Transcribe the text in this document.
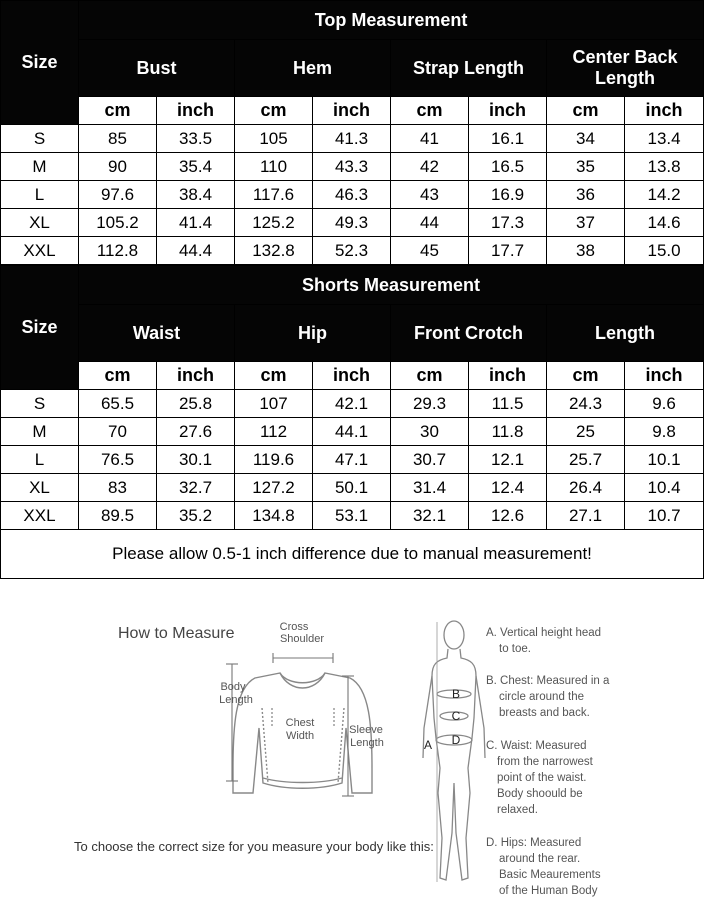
Size	Top Measurement							
	Bust		Hem		Strap Length		Center Back Length	
	cm	inch	cm	inch	cm	inch	cm	inch
S	85	33.5	105	41.3	41	16.1	34	13.4
M	90	35.4	110	43.3	42	16.5	35	13.8
L	97.6	38.4	117.6	46.3	43	16.9	36	14.2
XL	105.2	41.4	125.2	49.3	44	17.3	37	14.6
XXL	112.8	44.4	132.8	52.3	45	17.7	38	15.0
Size	Shorts Measurement							
	Waist		Hip		Front Crotch		Length	
	cm	inch	cm	inch	cm	inch	cm	inch
S	65.5	25.8	107	42.1	29.3	11.5	24.3	9.6
M	70	27.6	112	44.1	30	11.8	25	9.8
L	76.5	30.1	119.6	47.1	30.7	12.1	25.7	10.1
XL	83	32.7	127.2	50.1	31.4	12.4	26.4	10.4
XXL	89.5	35.2	134.8	53.1	32.1	12.6	27.1	10.7
Please allow 0.5-1 inch difference due to manual measurement!								
How to Measure	Cross
Shoulder
Body
Length
Chest
Width	Sleeve
Length
To choose the correct size for you measure your body like this:
A
B
C
D
A. Vertical height head
to toe.
B. Chest: Measured in a
circle around the
breasts and back.
C. Waist: Measured
from the narrowest
point of the waist.
Body shoould be
relaxed.
D. Hips: Measured
around the rear.
Basic Meaurements
of the Human Body
